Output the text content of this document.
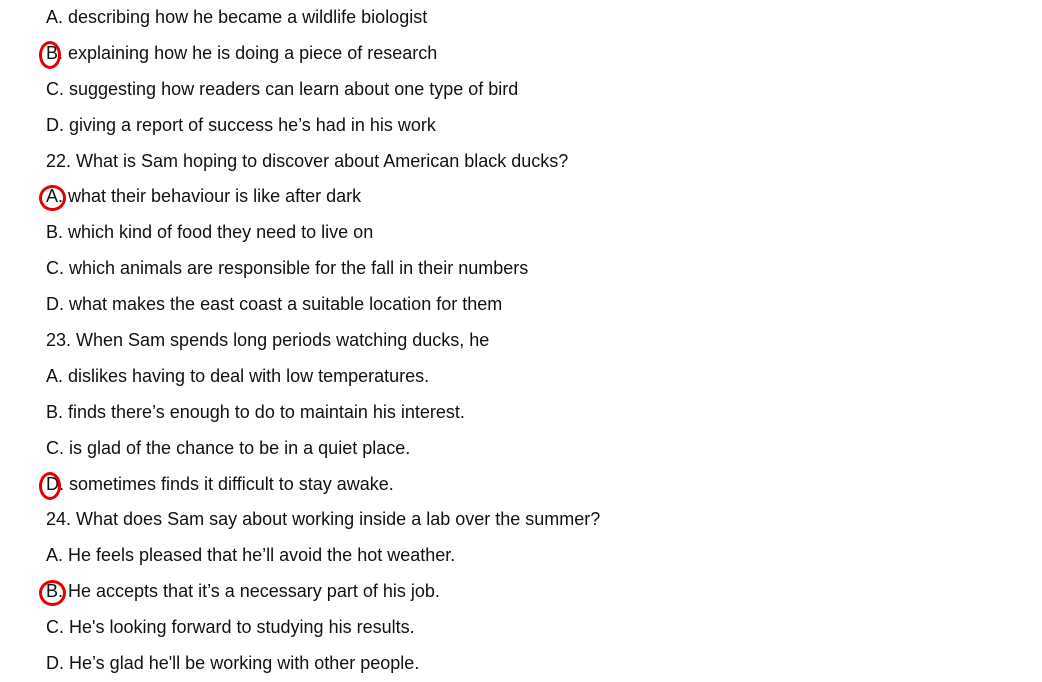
A. describing how he became a wildlife biologist
B. explaining how he is doing a piece of research
C. suggesting how readers can learn about one type of bird
D. giving a report of success he’s had in his work
22. What is Sam hoping to discover about American black ducks?
A. what their behaviour is like after dark
B. which kind of food they need to live on
C. which animals are responsible for the fall in their numbers
D. what makes the east coast a suitable location for them
23. When Sam spends long periods watching ducks, he
A. dislikes having to deal with low temperatures.
B. finds there’s enough to do to maintain his interest.
C. is glad of the chance to be in a quiet place.
D. sometimes finds it difficult to stay awake.
24. What does Sam say about working inside a lab over the summer?
A. He feels pleased that he’ll avoid the hot weather.
B. He accepts that it’s a necessary part of his job.
C. He's looking forward to studying his results.
D. He’s glad he'll be working with other people.
